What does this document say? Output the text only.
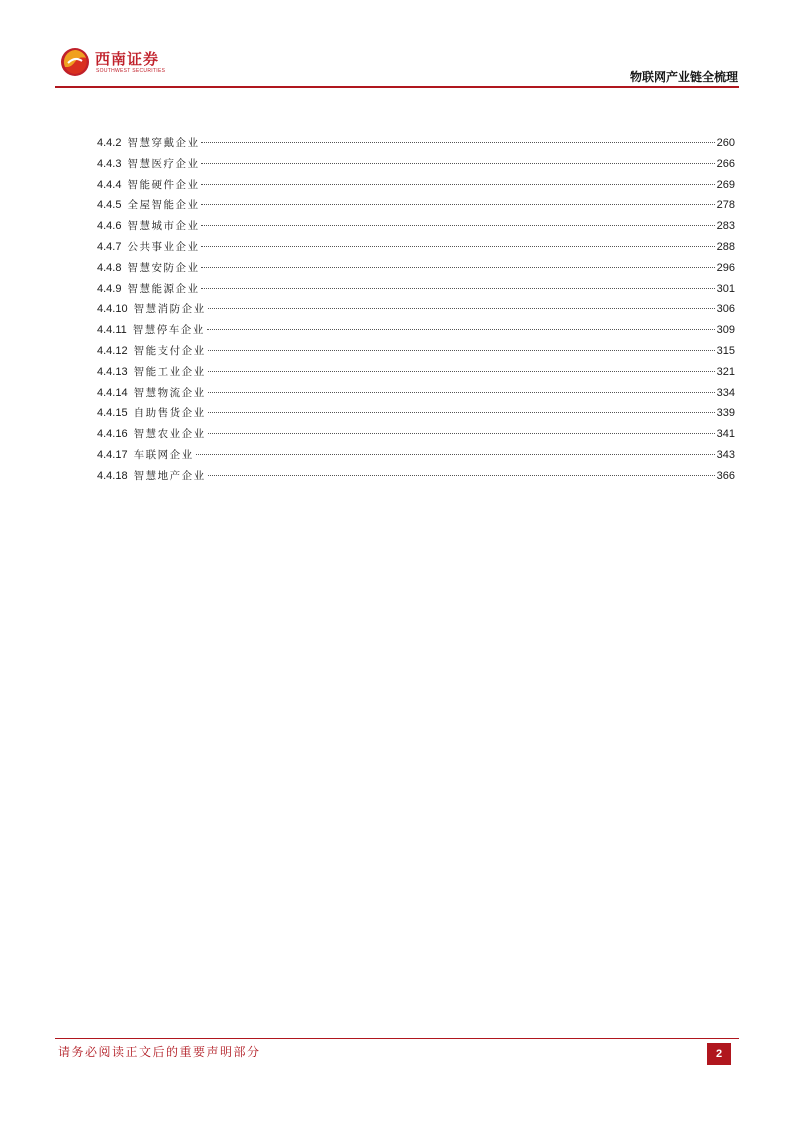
西南证券
SOUTHWEST SECURITIES	物联网产业链全梳理
4.4.2 智慧穿戴企业	260
4.4.3 智慧医疗企业	266
4.4.4 智能硬件企业	269
4.4.5 全屋智能企业	278
4.4.6 智慧城市企业	283
4.4.7 公共事业企业	288
4.4.8 智慧安防企业	296
4.4.9 智慧能源企业	301
4.4.10 智慧消防企业	306
4.4.11 智慧停车企业	309
4.4.12 智能支付企业	315
4.4.13 智能工业企业	321
4.4.14 智慧物流企业	334
4.4.15 自助售货企业	339
4.4.16 智慧农业企业	341
4.4.17 车联网企业	343
4.4.18 智慧地产企业	366
请务必阅读正文后的重要声明部分	2
